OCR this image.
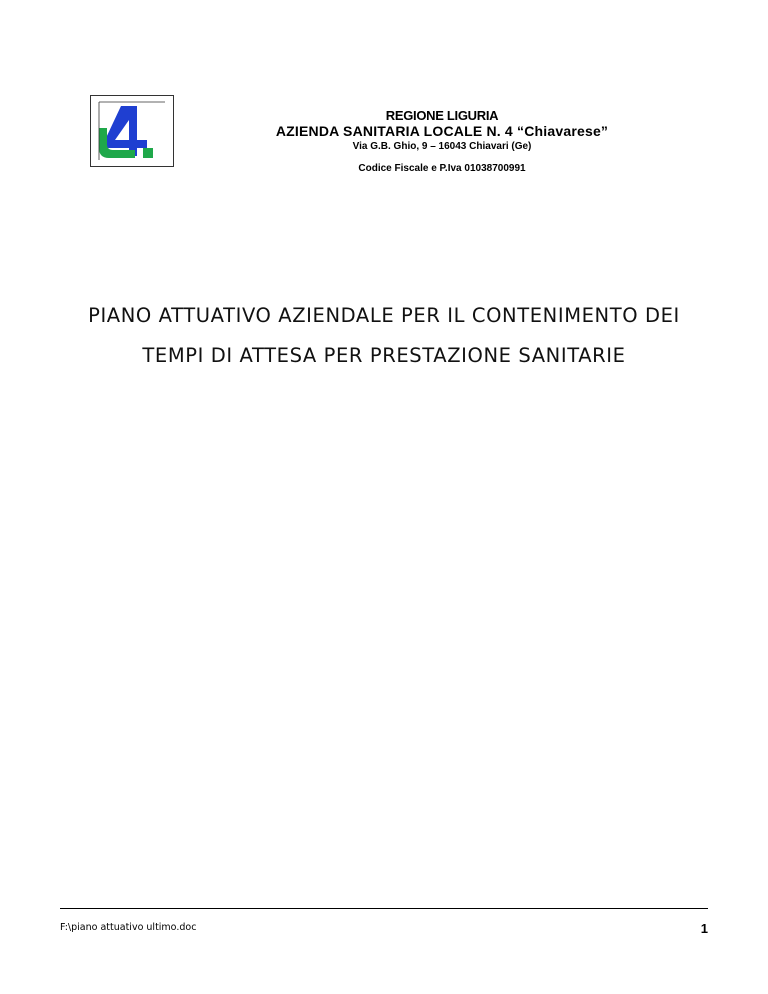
REGIONE LIGURIA
AZIENDA SANITARIA LOCALE N. 4 “Chiavarese”
Via G.B. Ghio, 9 – 16043 Chiavari (Ge)
Codice Fiscale e P.Iva 01038700991
PIANO ATTUATIVO AZIENDALE PER IL CONTENIMENTO DEI
TEMPI DI ATTESA PER PRESTAZIONE SANITARIE
F:\piano attuativo ultimo.doc	1
